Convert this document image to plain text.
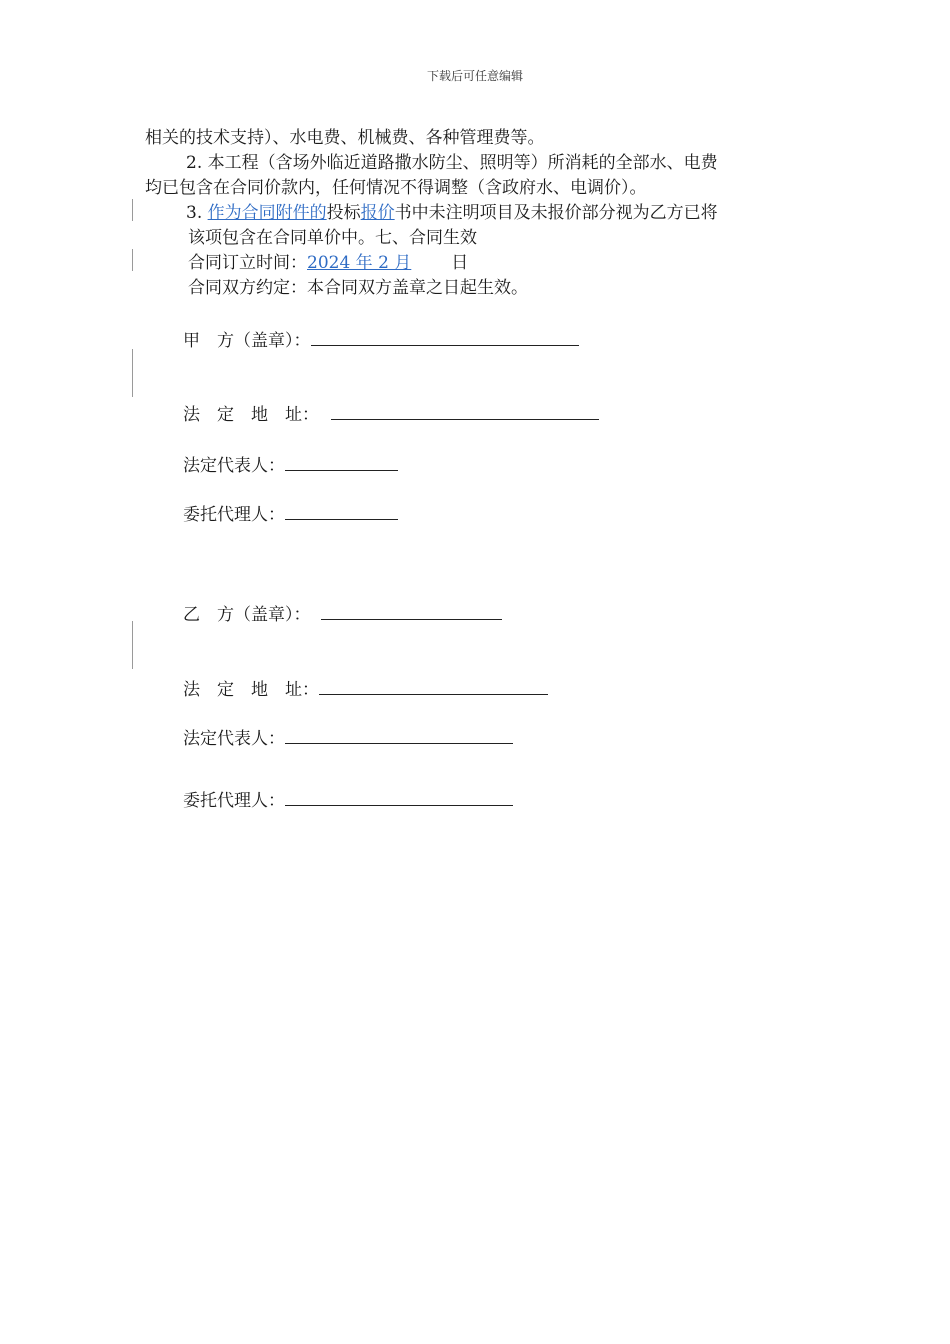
下载后可任意编辑
相关的技术支持）、水电费、机械费、各种管理费等。
2. 本工程（含场外临近道路撒水防尘、照明等）所消耗的全部水、电费
均已包含在合同价款内，任何情况不得调整（含政府水、电调价）。
3. 作为合同附件的投标报价书中未注明项目及未报价部分视为乙方已将
该项包含在合同单价中。七、合同生效
合同订立时间：2024 年 2 月 日
合同双方约定：本合同双方盖章之日起生效。
甲　方（盖章）：
法　定　地　址：
法定代表人：
委托代理人：
乙　方（盖章）：
法　定　地　址：
法定代表人：
委托代理人：
